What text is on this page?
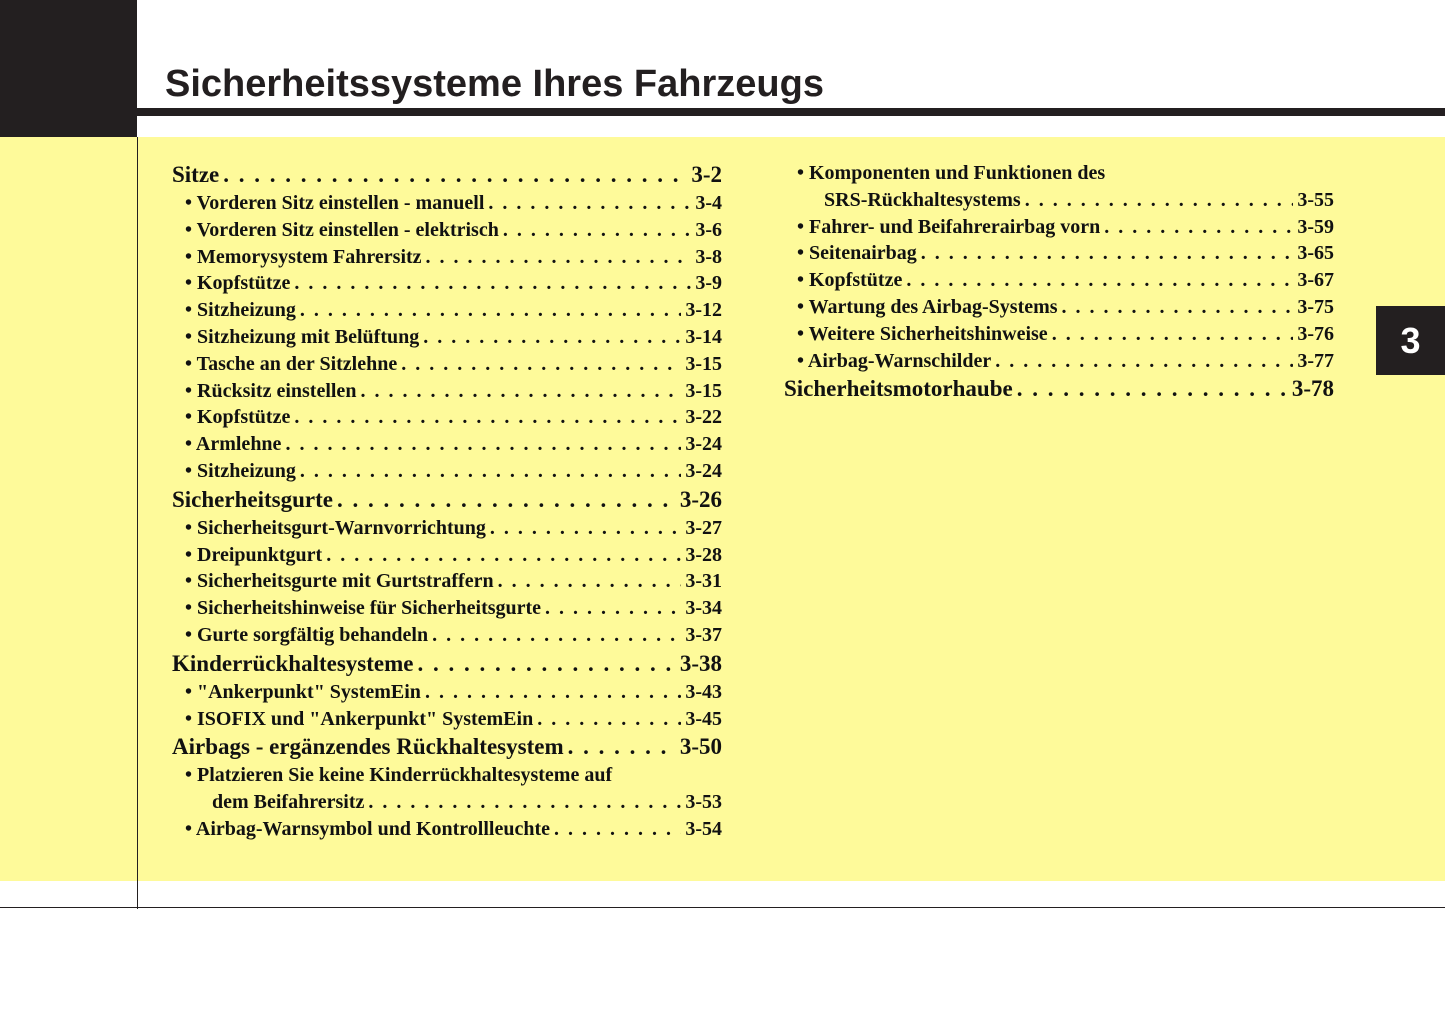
Sicherheitssysteme Ihres Fahrzeugs
3
Sitze . . .	3-2
• Vorderen Sitz einstellen - manuell . . .	3-4
• Vorderen Sitz einstellen - elektrisch . . .	3-6
• Memorysystem Fahrersitz . . .	3-8
• Kopfstütze . . .	3-9
• Sitzheizung . . .	3-12
• Sitzheizung mit Belüftung . . .	3-14
• Tasche an der Sitzlehne . . .	3-15
• Rücksitz einstellen . . .	3-15
• Kopfstütze . . .	3-22
• Armlehne . . .	3-24
• Sitzheizung . . .	3-24
Sicherheitsgurte . . .	3-26
• Sicherheitsgurt-Warnvorrichtung . . .	3-27
• Dreipunktgurt . . .	3-28
• Sicherheitsgurte mit Gurtstraffern . . .	3-31
• Sicherheitshinweise für Sicherheitsgurte . . .	3-34
• Gurte sorgfältig behandeln . . .	3-37
Kinderrückhaltesysteme . . .	3-38
• "Ankerpunkt" SystemEin . . .	3-43
• ISOFIX und "Ankerpunkt" SystemEin . . .	3-45
Airbags - ergänzendes Rückhaltesystem . . .	3-50
• Platzieren Sie keine Kinderrückhaltesysteme auf
dem Beifahrersitz . . .	3-53
• Airbag-Warnsymbol und Kontrollleuchte . . .	3-54
• Komponenten und Funktionen des
SRS-Rückhaltesystems . . .	3-55
• Fahrer- und Beifahrerairbag vorn . . .	3-59
• Seitenairbag . . .	3-65
• Kopfstütze . . .	3-67
• Wartung des Airbag-Systems . . .	3-75
• Weitere Sicherheitshinweise . . .	3-76
• Airbag-Warnschilder . . .	3-77
Sicherheitsmotorhaube . . .	3-78
